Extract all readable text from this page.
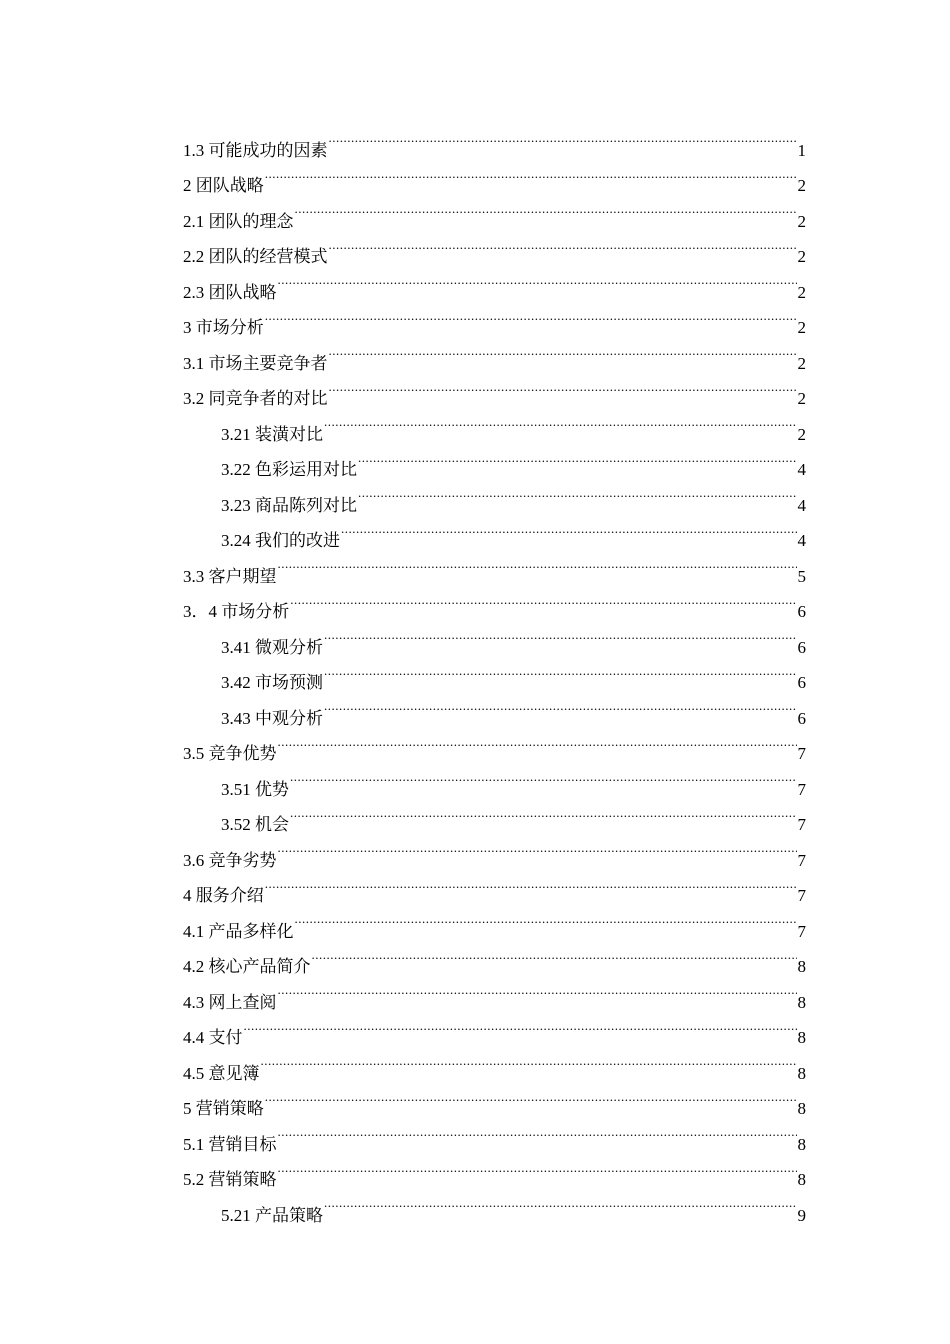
1.3 可能成功的因素 .....	1
2 团队战略 .....	2
2.1 团队的理念 .....	2
2.2 团队的经营模式 .....	2
2.3 团队战略 .....	2
3 市场分析 .....	2
3.1 市场主要竞争者 .....	2
3.2 同竞争者的对比 .....	2
3.21 装潢对比 .....	2
3.22 色彩运用对比 .....	4
3.23 商品陈列对比 .....	4
3.24 我们的改进 .....	4
3.3 客户期望 .....	5
3．4 市场分析 .....	6
3.41 微观分析 .....	6
3.42 市场预测 .....	6
3.43 中观分析 .....	6
3.5 竞争优势 .....	7
3.51 优势 .....	7
3.52 机会 .....	7
3.6 竞争劣势 .....	7
4 服务介绍 .....	7
4.1 产品多样化 .....	7
4.2 核心产品简介 .....	8
4.3 网上查阅 .....	8
4.4 支付 .....	8
4.5 意见簿 .....	8
5 营销策略 .....	8
5.1 营销目标 .....	8
5.2 营销策略 .....	8
5.21 产品策略 .....	9
